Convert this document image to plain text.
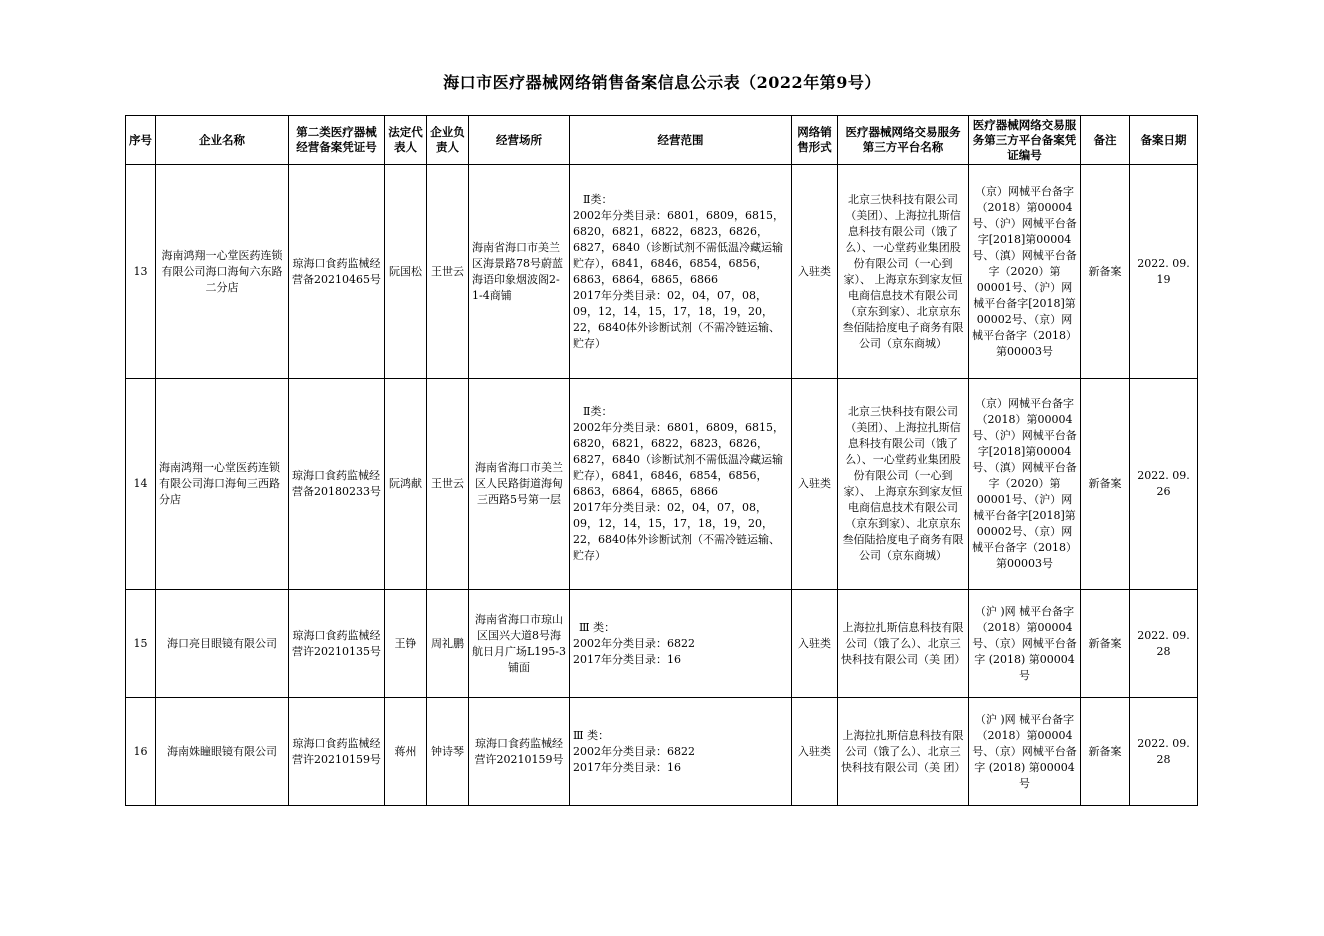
海口市医疗器械网络销售备案信息公示表（2022年第9号）
序号	企业名称	第二类医疗器械经营备案凭证号	法定代表人	企业负责人	经营场所	经营范围	网络销售形式	医疗器械网络交易服务第三方平台名称	医疗器械网络交易服务第三方平台备案凭证编号	备注	备案日期
13	海南鸿翔一心堂医药连锁有限公司海口海甸六东路二分店	琼海口食药监械经营备20210465号	阮国松	王世云	海南省海口市美兰区海景路78号蔚蓝海语印象烟波阁2-1-4商铺	Ⅱ类：
2002年分类目录：6801，6809，6815，6820，6821，6822，6823，6826，6827，6840（诊断试剂不需低温冷藏运输贮存），6841，6846，6854，6856，6863，6864，6865，6866
2017年分类目录：02，04，07，08，09，12，14，15，17，18，19，20，22，6840体外诊断试剂（不需冷链运输、贮存）	入驻类	北京三快科技有限公司（美团）、上海拉扎斯信息科技有限公司（饿了么）、一心堂药业集团股份有限公司（一心到家）、 上海京东到家友恒电商信息技术有限公司（京东到家）、北京京东叁佰陆拾度电子商务有限公司（京东商城）	（京）网械平台备字（2018）第00004号、（沪）网械平台备字[2018]第00004号、（滇）网械平台备字（2020）第00001号、（沪）网械平台备字[2018]第00002号、（京）网械平台备字（2018）第00003号	新备案	2022. 09. 19
14	海南鸿翔一心堂医药连锁有限公司海口海甸三西路分店	琼海口食药监械经营备20180233号	阮鸿献	王世云	海南省海口市美兰区人民路街道海甸三西路5号第一层	Ⅱ类：
2002年分类目录：6801，6809，6815，6820，6821，6822，6823，6826，6827，6840（诊断试剂不需低温冷藏运输贮存），6841，6846，6854，6856，6863，6864，6865，6866
2017年分类目录：02，04，07，08，09，12，14，15，17，18，19，20，22，6840体外诊断试剂（不需冷链运输、贮存）	入驻类	北京三快科技有限公司（美团）、上海拉扎斯信息科技有限公司（饿了么）、一心堂药业集团股份有限公司（一心到家）、 上海京东到家友恒电商信息技术有限公司（京东到家）、北京京东叁佰陆拾度电子商务有限公司（京东商城）	（京）网械平台备字（2018）第00004号、（沪）网械平台备字[2018]第00004号、（滇）网械平台备字（2020）第00001号、（沪）网械平台备字[2018]第00002号、（京）网械平台备字（2018）第00003号	新备案	2022. 09. 26
15	海口亮目眼镜有限公司	琼海口食药监械经营许20210135号	王铮	周礼鹏	海南省海口市琼山区国兴大道8号海航日月广场L195-3铺面	Ⅲ 类：
2002年分类目录：6822
2017年分类目录：16	入驻类	上海拉扎斯信息科技有限公司（饿了么）、北京三快科技有限公司（美 团）	（沪 )网 械平台备字（2018）第00004号、（京）网械平台备字 (2018) 第00004号	新备案	2022. 09. 28
16	海南姝瞳眼镜有限公司	琼海口食药监械经营许20210159号	蒋州	钟诗琴	琼海口食药监械经营许20210159号	Ⅲ 类：
2002年分类目录：6822
2017年分类目录：16	入驻类	上海拉扎斯信息科技有限公司（饿了么）、北京三快科技有限公司（美 团）	（沪 )网 械平台备字（2018）第00004号、（京）网械平台备字 (2018) 第00004号	新备案	2022. 09. 28
